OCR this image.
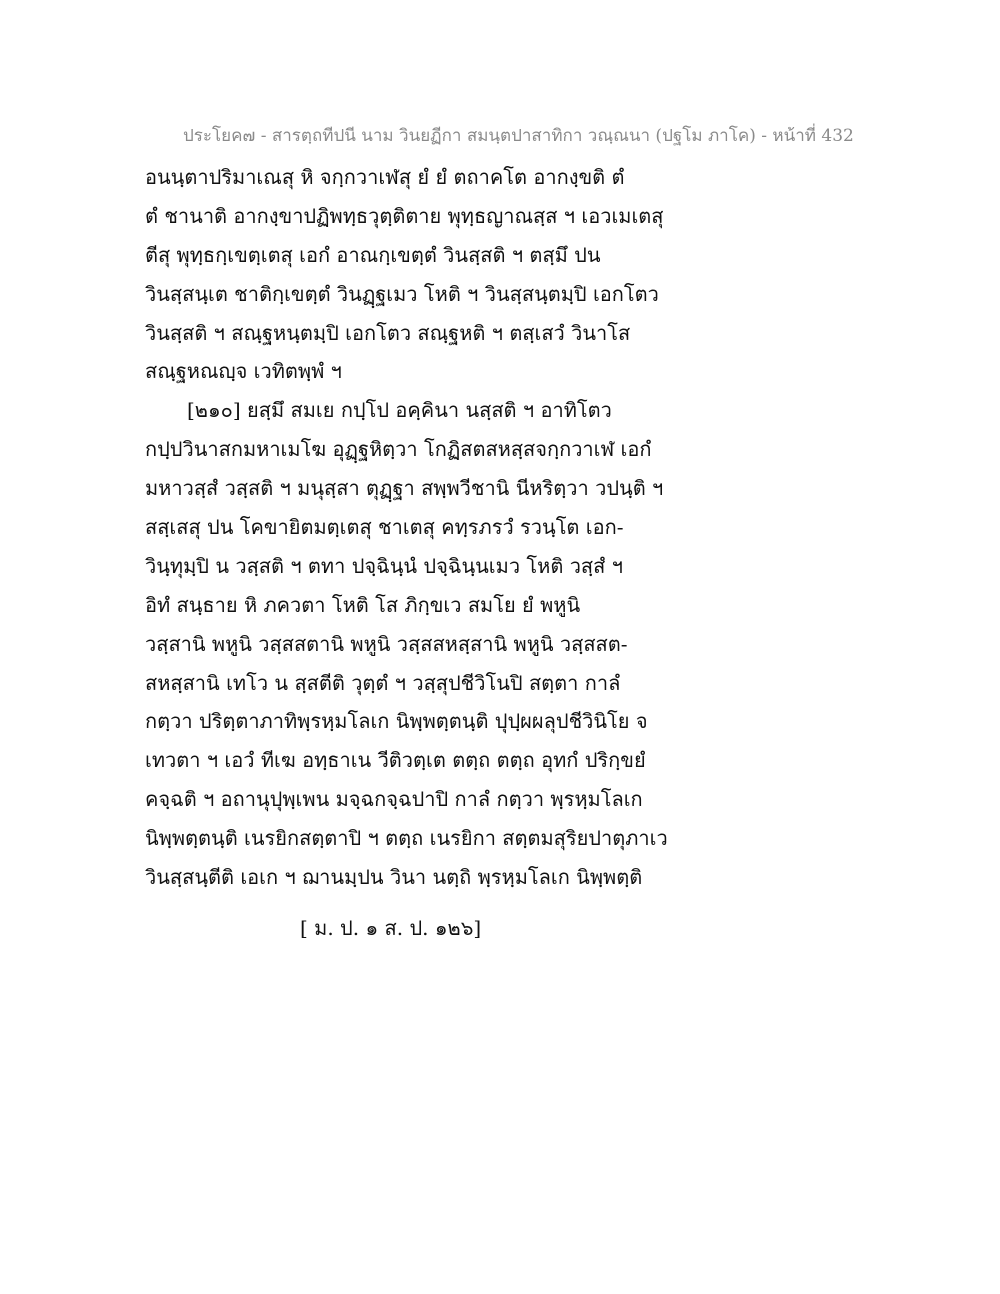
ประโยค๗ - สารตฺถทีปนี นาม วินยฏีกา สมนฺตปาสาทิกา วณฺณนา (ปฐโม ภาโค) - หน้าที่ 432
อนนฺตาปริมาเณสุ หิ จกฺกวาเฬสุ ยํ ยํ ตถาคโต อากงฺขติ ตํ
ตํ ชานาติ อากงฺขาปฏิพทฺธวุตฺติตาย พุทฺธญาณสฺส ฯ เอวเมเตสุ
ตีสุ พุทฺธกฺเขตฺเตสุ เอกํ อาณกฺเขตฺตํ วินสฺสติ ฯ ตสฺมึ ปน
วินสฺสนฺเต ชาติกฺเขตฺตํ วินฏฺฐเมว โหติ ฯ วินสฺสนฺตมฺปิ เอกโตว
วินสฺสติ ฯ สณฺฐหนฺตมฺปิ เอกโตว สณฺฐหติ ฯ ตสฺเสวํ วินาโส
สณฺฐหณญฺจ เวทิตพฺพํ ฯ
[๒๑๐] ยสฺมึ สมเย กปฺโป อคฺคินา นสฺสติ ฯ อาทิโตว
กปฺปวินาสกมหาเมโฆ อุฏฺฐหิตฺวา โกฏิสตสหสฺสจกฺกวาเฬ เอกํ
มหาวสฺสํ วสฺสติ ฯ มนุสฺสา ตุฏฺฐา สพฺพวีชานิ นีหริตฺวา วปนฺติ ฯ
สสฺเสสุ ปน โคขายิตมตฺเตสุ ชาเตสุ คทฺรภรวํ รวนฺโต เอก-
วินฺทุมฺปิ น วสฺสติ ฯ ตทา ปจฺฉินฺนํ ปจฺฉินฺนเมว โหติ วสฺสํ ฯ
อิทํ สนฺธาย หิ ภควตา โหติ โส ภิกฺขเว สมโย ยํ พหูนิ
วสฺสานิ พหูนิ วสฺสสตานิ พหูนิ วสฺสสหสฺสานิ พหูนิ วสฺสสต-
สหสฺสานิ เทโว น สฺสตีติ วุตฺตํ ฯ วสฺสุปชีวิโนปิ สตฺตา กาลํ
กตฺวา ปริตฺตาภาทิพฺรหฺมโลเก นิพฺพตฺตนฺติ ปุปฺผผลุปชีวินิโย จ
เทวตา ฯ เอวํ ทีเฆ อทฺธาเน วีติวตฺเต ตตฺถ ตตฺถ อุทกํ ปริกฺขยํ
คจฺฉติ ฯ อถานุปุพฺเพน มจฺฉกจฺฉปาปิ กาลํ กตฺวา พฺรหฺมโลเก
นิพฺพตฺตนฺติ เนรยิกสตฺตาปิ ฯ ตตฺถ เนรยิกา สตฺตมสุริยปาตุภาเว
วินสฺสนฺตีติ เอเก ฯ ฌานมฺปน วินา นตฺถิ พฺรหฺมโลเก นิพฺพตฺติ
[ ม. ป. ๑ ส. ป. ๑๒๖]
